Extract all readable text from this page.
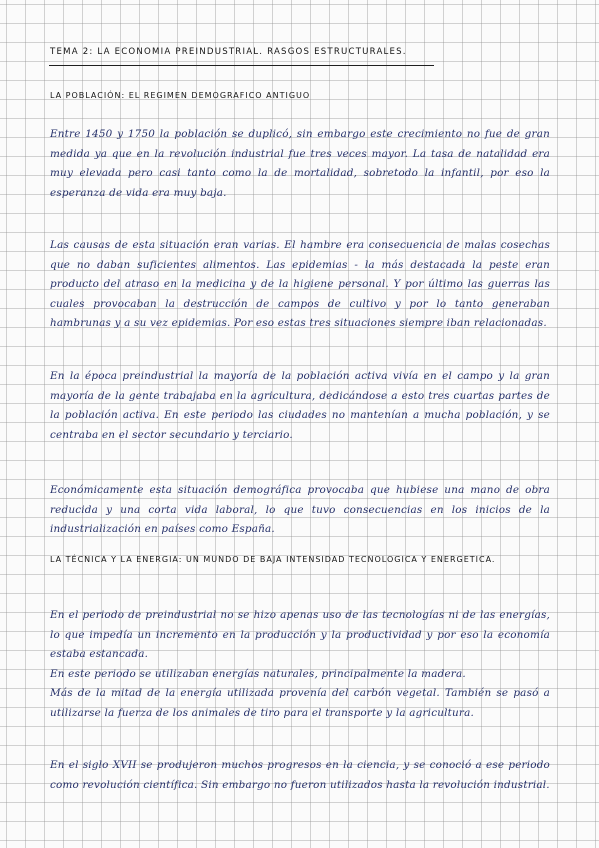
TEMA 2: LA ECONOMIA PREINDUSTRIAL. RASGOS ESTRUCTURALES.
LA POBLACIÓN: EL REGIMEN DEMOGRAFICO ANTIGUO
Entre 1450 y 1750 la población se duplicó, sin embargo este crecimiento no fue de gran medida ya que en la revolución industrial fue tres veces mayor. La tasa de natalidad era muy elevada pero casi tanto como la de mortalidad, sobretodo la infantil, por eso la esperanza de vida era muy baja.
Las causas de esta situación eran varias. El hambre era consecuencia de malas cosechas que no daban suficientes alimentos. Las epidemias - la más destacada la peste eran producto del atraso en la medicina y de la higiene personal. Y por último las guerras las cuales provocaban la destrucción de campos de cultivo y por lo tanto generaban hambrunas y a su vez epidemias. Por eso estas tres situaciones siempre iban relacionadas.
En la época preindustrial la mayoría de la población activa vivía en el campo y la gran mayoría de la gente trabajaba en la agricultura, dedicándose a esto tres cuartas partes de la población activa. En este periodo las ciudades no mantenían a mucha población, y se centraba en el sector secundario y terciario.
Económicamente esta situación demográfica provocaba que hubiese una mano de obra reducida y una corta vida laboral, lo que tuvo consecuencias en los inicios de la industrialización en países como España.
LA TÉCNICA Y LA ENERGIA: UN MUNDO DE BAJA INTENSIDAD TECNOLOGICA Y ENERGETICA.
En el periodo de preindustrial no se hizo apenas uso de las tecnologías ni de las energías, lo que impedía un incremento en la producción y la productividad y por eso la economía estaba estancada.
En este periodo se utilizaban energías naturales, principalmente la madera.
Más de la mitad de la energía utilizada provenía del carbón vegetal. También se pasó a utilizarse la fuerza de los animales de tiro para el transporte y la agricultura.
En el siglo XVII se produjeron muchos progresos en la ciencia, y se conoció a ese periodo como revolución científica. Sin embargo no fueron utilizados hasta la revolución industrial.
